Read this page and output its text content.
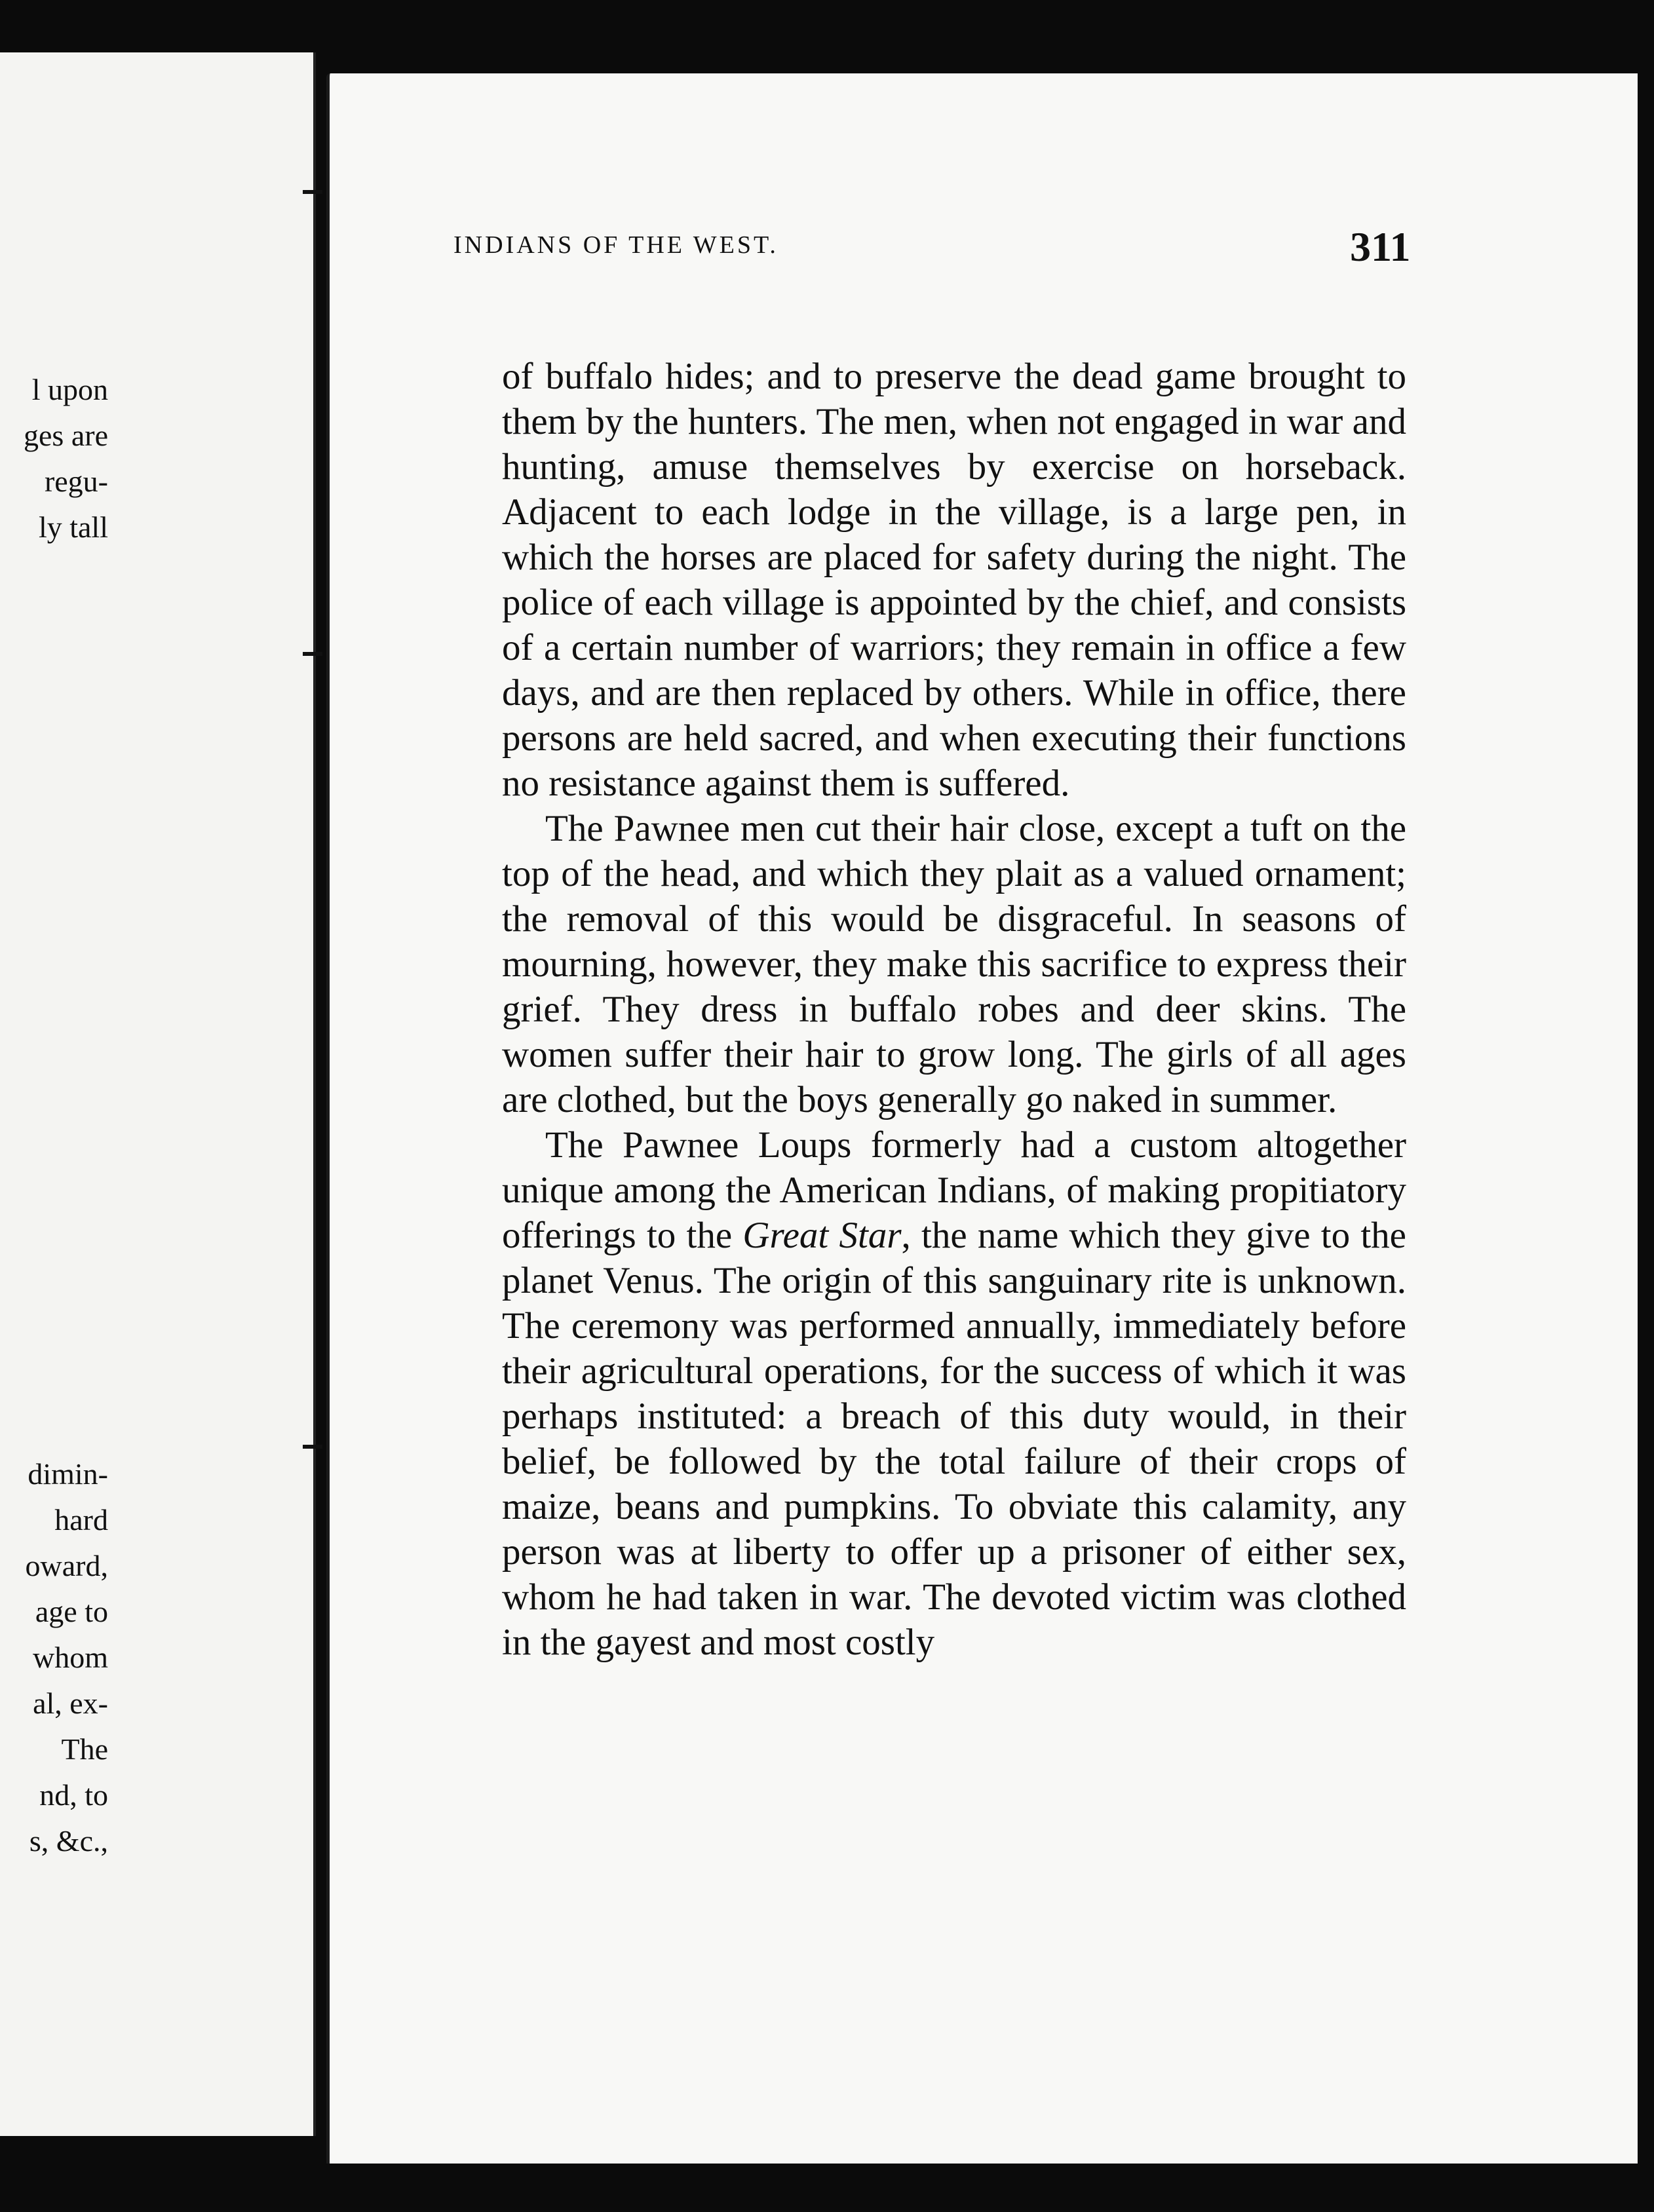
l upon
ges are
regu-
ly tall
dimin-
hard
oward,
age to
whom
al, ex-
The
nd, to
s, &c.,
INDIANS OF THE WEST.	311

of buffalo hides; and to preserve the dead game brought to them by the hunters. The men, when not engaged in war and hunting, amuse themselves by exercise on horseback. Adjacent to each lodge in the village, is a large pen, in which the horses are placed for safety during the night. The police of each village is appointed by the chief, and consists of a certain number of warriors; they remain in office a few days, and are then replaced by others. While in office, there persons are held sacred, and when executing their functions no resistance against them is suffered.

The Pawnee men cut their hair close, except a tuft on the top of the head, and which they plait as a valued ornament; the removal of this would be disgraceful. In seasons of mourning, however, they make this sacrifice to express their grief. They dress in buffalo robes and deer skins. The women suffer their hair to grow long. The girls of all ages are clothed, but the boys generally go naked in summer.

The Pawnee Loups formerly had a custom altogether unique among the American Indians, of making propitiatory offerings to the Great Star, the name which they give to the planet Venus. The origin of this sanguinary rite is unknown. The ceremony was performed annually, immediately before their agricultural operations, for the success of which it was perhaps instituted: a breach of this duty would, in their belief, be followed by the total failure of their crops of maize, beans and pumpkins. To obviate this calamity, any person was at liberty to offer up a prisoner of either sex, whom he had taken in war. The devoted victim was clothed in the gayest and most costly
